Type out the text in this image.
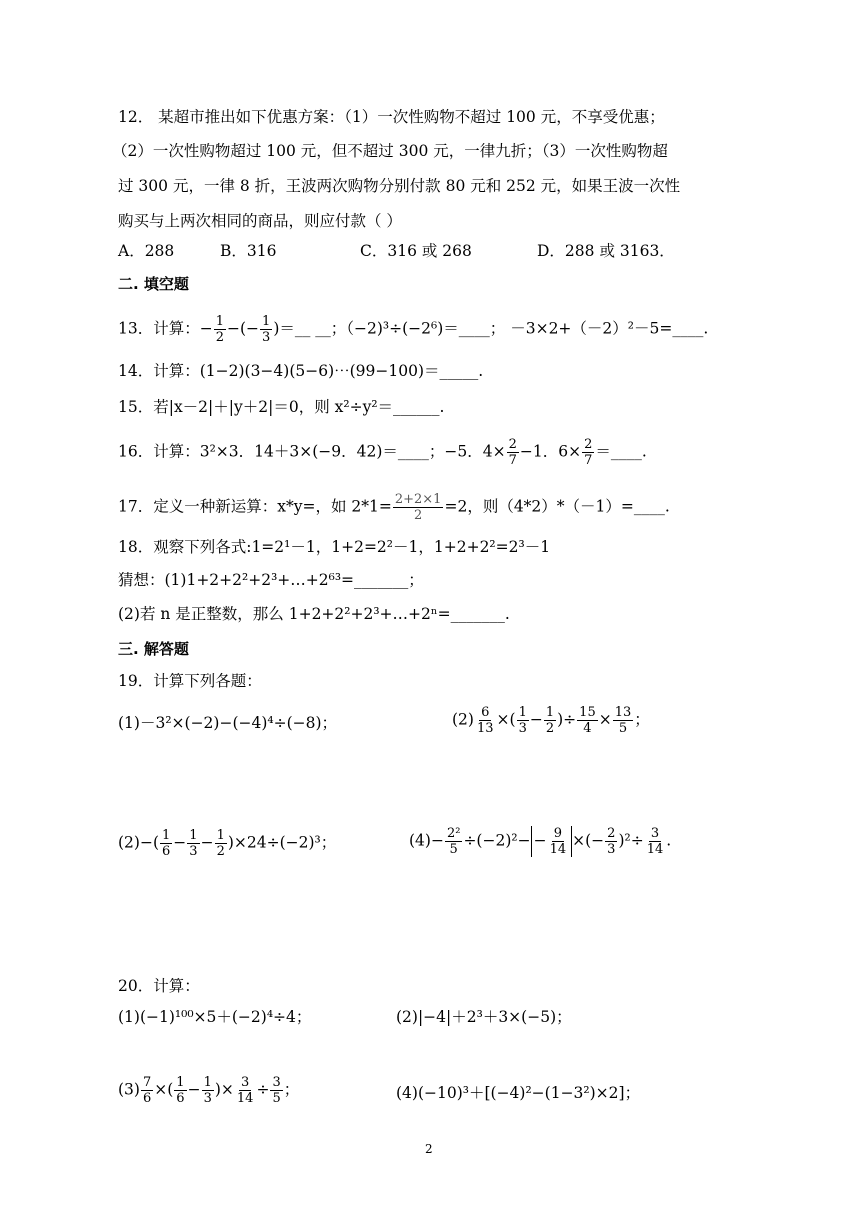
12． 某超市推出如下优惠方案：（1）一次性购物不超过 100 元，不享受优惠；
（2）一次性购物超过 100 元，但不超过 300 元，一律九折；（3）一次性购物超
过 300 元，一律 8 折，王波两次购物分别付款 80 元和 252 元，如果王波一次性
购买与上两次相同的商品，则应付款（ ）
A．288	B．316	C．316 或 268	D．288 或 3163．
二. 填空题
13．计算：− $\frac{1}{2}$ −(− $\frac{1}{3}$ )＝__ __；（−2)³÷(−2⁶)＝____； －3×2+（－2）²－5=____.
14．计算：(1−2)(3−4)(5−6)⋯(99−100)＝_____.
15．若|x－2|＋|y＋2|＝0，则 x²÷y²＝______.
16．计算：3²×3．14＋3×(−9．42)＝____；−5．$4\times \frac{2}{7} -1$．$6\times \frac{2}{7}$ ＝____.
17．定义一种新运算：x*y=，如 $2*1= \frac{2+2\times 1}{2} =2$，则（4*2）*（－1）=____.
18．观察下列各式:1=2¹－1，1+2=2²－1，1+2+2²=2³－1
猜想：(1)1+2+2²+2³+…+2⁶³=_______；
(2)若 n 是正整数，那么 1+2+2²+2³+…+2ⁿ=_______.
三. 解答题
19．计算下列各题：
(1)－3²×(−2)−(−4)⁴÷(−8)；	$(2) \frac{6}{13}$ ×( $\frac{1}{3} - \frac{1}{2}$ )÷ $\frac{15}{4} \times \frac{13}{5}$ ；
$(2)-( \frac{1}{6} - \frac{1}{3} - \frac{1}{2} )\times 24\div(-2)^3$；	$(4)- \frac{\text{2²}}{5} \div(-2)^2- - \frac{9}{14}$ ×(− $\frac{2}{3} )^2\div \frac{3}{14}$ .
20．计算：
(1)(−1)¹⁰⁰×5＋(−2)⁴÷4；	(2)|−4|＋2³＋3×(−5)；
$(3) \frac{7}{6}$ ×( $\frac{1}{6} - \frac{1}{3}$ )× $\frac{3}{14} \div \frac{3}{5}$ ；	(4)(−10)³＋[(−4)²−(1−3²)×2]；
2
